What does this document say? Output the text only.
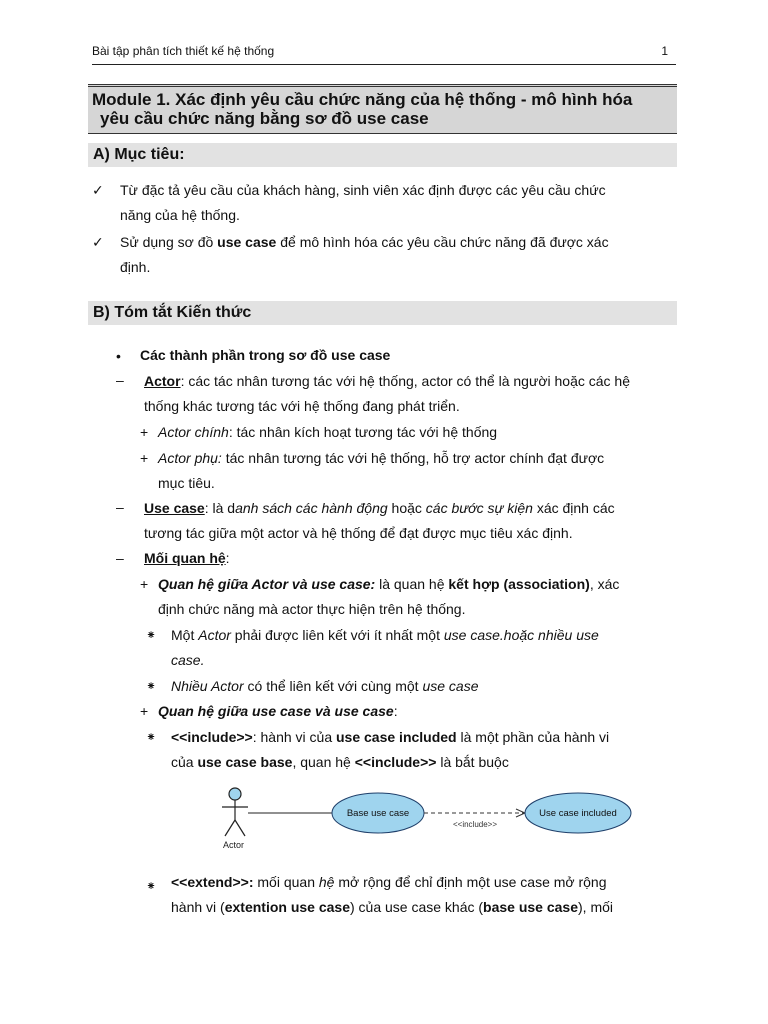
Bài tập phân tích thiết kế hệ thống	1
Module 1. Xác định yêu cầu chức năng của hệ thống - mô hình hóa
yêu cầu chức năng bằng sơ đồ use case
A) Mục tiêu:
✓ Từ đặc tả yêu cầu của khách hàng, sinh viên xác định được các yêu cầu chức
năng của hệ thống.
✓ Sử dụng sơ đồ use case để mô hình hóa các yêu cầu chức năng đã được xác
định.
B) Tóm tắt Kiến thức
• Các thành phần trong sơ đồ use case
– Actor: các tác nhân tương tác với hệ thống, actor có thể là người hoặc các hệ
thống khác tương tác với hệ thống đang phát triển.
+ Actor chính: tác nhân kích hoạt tương tác với hệ thống
+ Actor phụ: tác nhân tương tác với hệ thống, hỗ trợ actor chính đạt được
mục tiêu.
– Use case: là danh sách các hành động hoặc các bước sự kiện xác định các
tương tác giữa một actor và hệ thống để đạt được mục tiêu xác định.
– Mối quan hệ:
+ Quan hệ giữa Actor và use case: là quan hệ kết hợp (association), xác
định chức năng mà actor thực hiện trên hệ thống.
⁕ Một Actor phải được liên kết với ít nhất một use case.hoặc nhiều use
case.
⁕ Nhiều Actor có thể liên kết với cùng một use case
+ Quan hệ giữa use case và use case:
⁕ <<include>>: hành vi của use case included là một phần của hành vi
của use case base, quan hệ <<include>> là bắt buộc
Actor
Base use case
<<include>>
Use case included
⁕ <<extend>>: mối quan hệ mở rộng để chỉ định một use case mở rộng
hành vi (extention use case) của use case khác (base use case), mối
